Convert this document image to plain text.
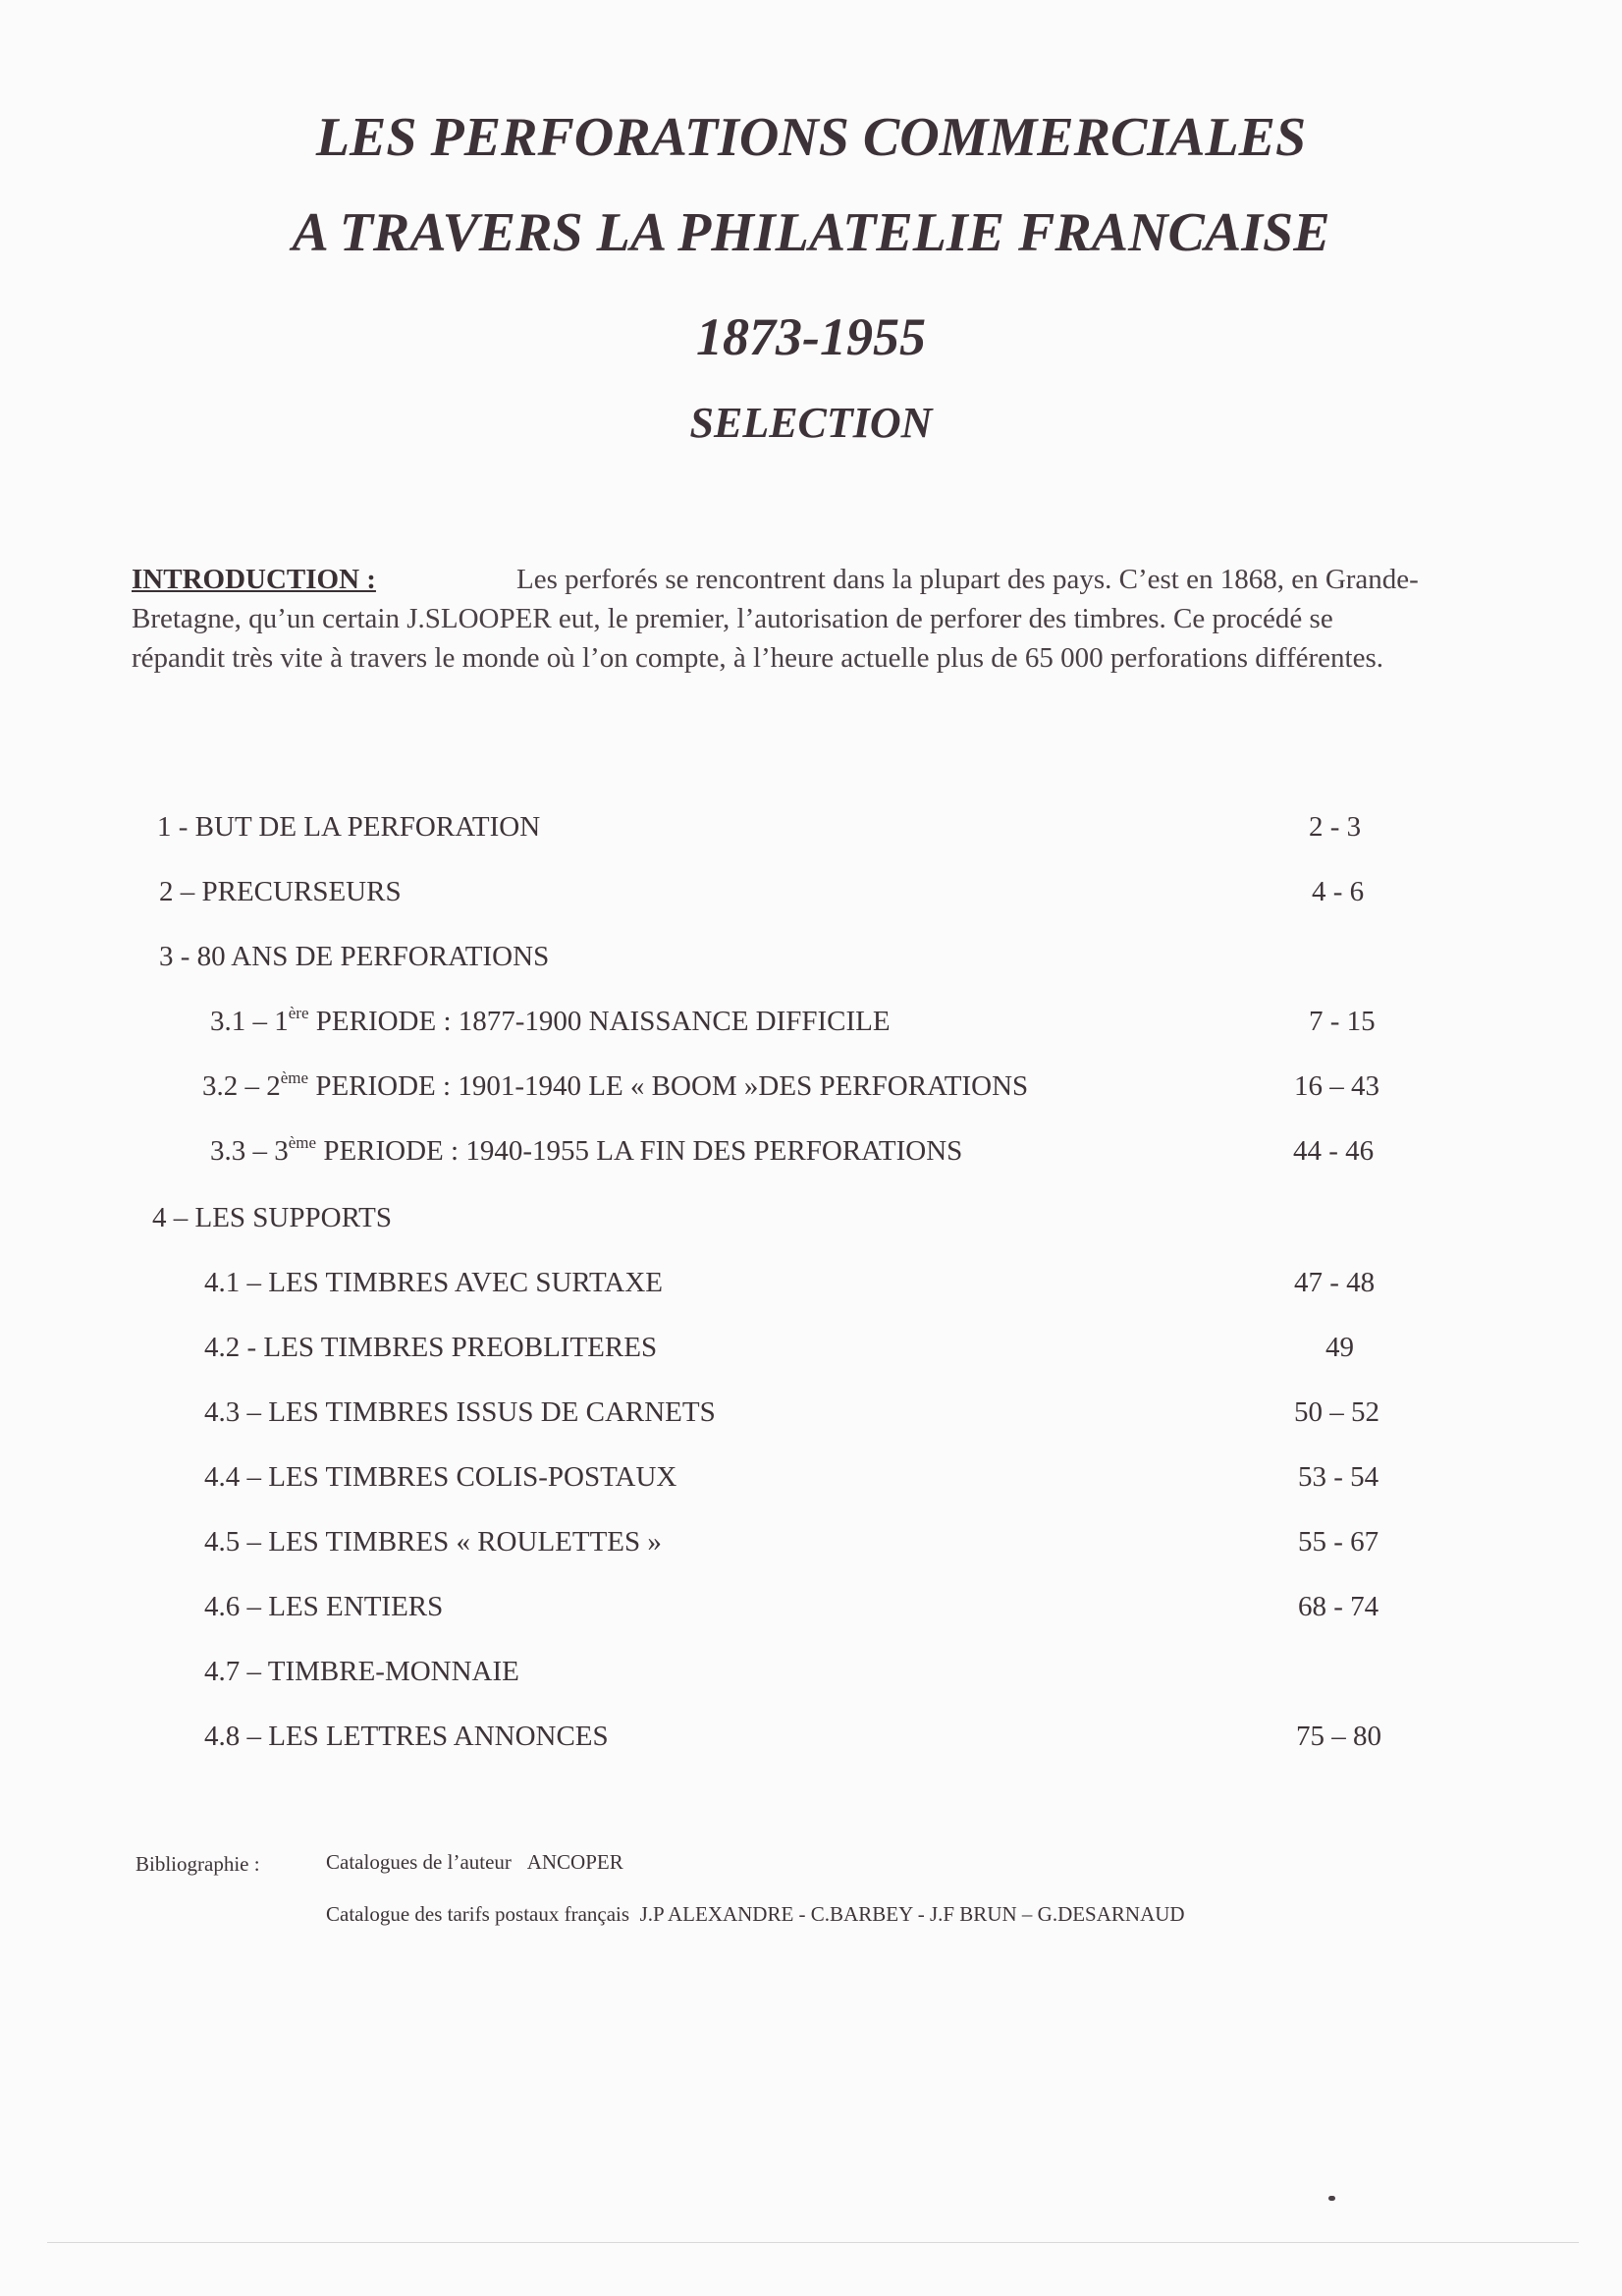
LES PERFORATIONS COMMERCIALES
A TRAVERS LA PHILATELIE FRANCAISE
1873-1955
SELECTION
INTRODUCTION :	Les perforés se rencontrent dans la plupart des pays. C’est en 1868, en Grande-Bretagne, qu’un certain J.SLOOPER eut, le premier, l’autorisation de perforer des timbres. Ce procédé se répandit très vite à travers le monde où l’on compte, à l’heure actuelle plus de 65 000 perforations différentes.
1 - BUT DE LA PERFORATION	2 - 3
2 – PRECURSEURS	4 - 6
3 - 80 ANS DE PERFORATIONS
3.1 – 1ère PERIODE : 1877-1900 NAISSANCE DIFFICILE	7 - 15
3.2 – 2ème PERIODE : 1901-1940 LE « BOOM »DES PERFORATIONS	16 – 43
3.3 – 3ème PERIODE : 1940-1955 LA FIN DES PERFORATIONS	44 - 46
4 – LES SUPPORTS
4.1 – LES TIMBRES AVEC SURTAXE	47 - 48
4.2 - LES TIMBRES PREOBLITERES	49
4.3 – LES TIMBRES ISSUS DE CARNETS	50 – 52
4.4 – LES TIMBRES COLIS-POSTAUX	53 - 54
4.5 – LES TIMBRES « ROULETTES »	55 - 67
4.6 – LES ENTIERS	68 - 74
4.7 – TIMBRE-MONNAIE
4.8 – LES LETTRES ANNONCES	75 – 80
Bibliographie :	Catalogues de l’auteur ANCOPER
Catalogue des tarifs postaux français J.P ALEXANDRE - C.BARBEY - J.F BRUN – G.DESARNAUD
